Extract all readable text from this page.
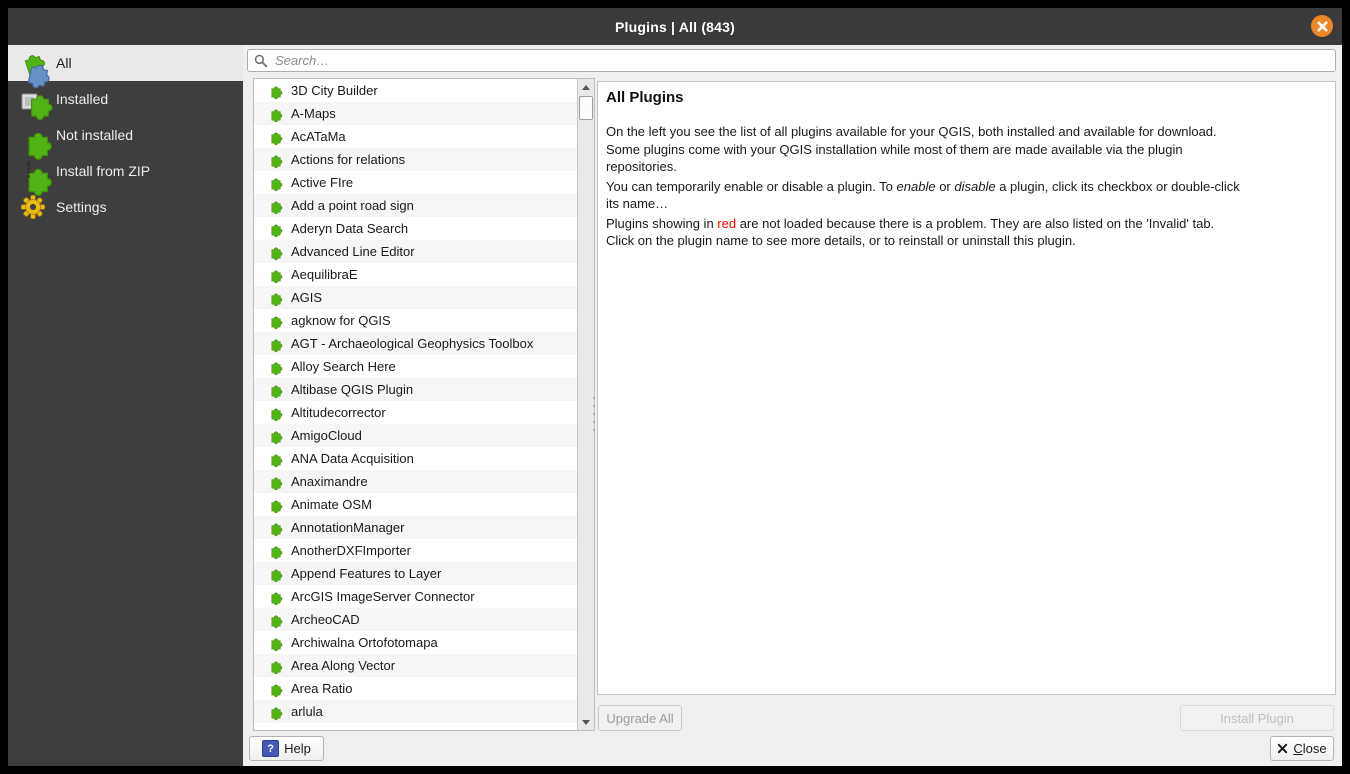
Plugins | All (843)
All
Installed
Not installed
Install from ZIP
Settings
Search…
3D City Builder
A-Maps
AcATaMa
Actions for relations
Active FIre
Add a point road sign
Aderyn Data Search
Advanced Line Editor
AequilibraE
AGIS
agknow for QGIS
AGT - Archaeological Geophysics Toolbox
Alloy Search Here
Altibase QGIS Plugin
Altitudecorrector
AmigoCloud
ANA Data Acquisition
Anaximandre
Animate OSM
AnnotationManager
AnotherDXFImporter
Append Features to Layer
ArcGIS ImageServer Connector
ArcheoCAD
Archiwalna Ortofotomapa
Area Along Vector
Area Ratio
arlula
All Plugins

On the left you see the list of all plugins available for your QGIS, both installed and available for download.
Some plugins come with your QGIS installation while most of them are made available via the plugin
repositories.

You can temporarily enable or disable a plugin. To enable or disable a plugin, click its checkbox or double-click
its name…

Plugins showing in red are not loaded because there is a problem. They are also listed on the 'Invalid' tab.
Click on the plugin name to see more details, or to reinstall or uninstall this plugin.

Upgrade All	Install Plugin
? Help	Close
